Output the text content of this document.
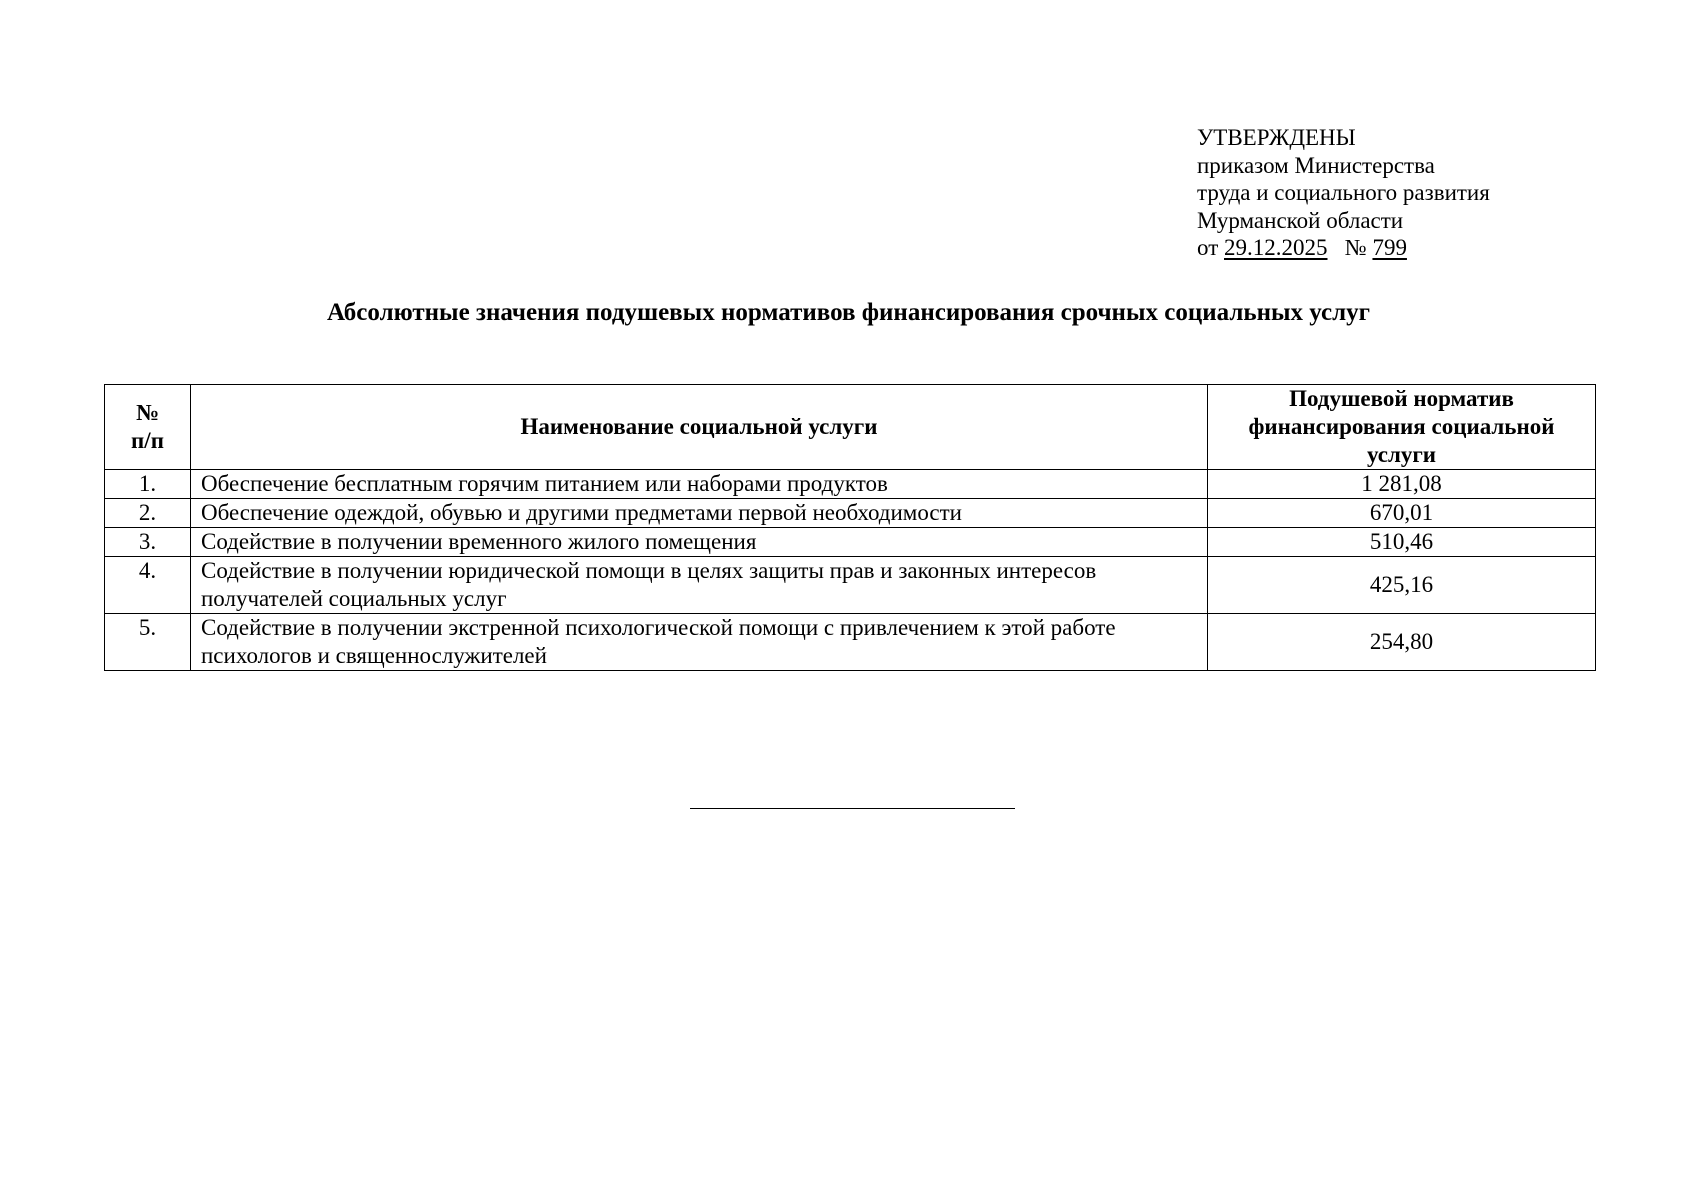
УТВЕРЖДЕНЫ
приказом Министерства
труда и социального развития
Мурманской области
от 29.12.2025 № 799
Абсолютные значения подушевых нормативов финансирования срочных социальных услуг
№
п/п	Наименование социальной услуги	Подушевой норматив финансирования социальной услуги
1.	Обеспечение бесплатным горячим питанием или наборами продуктов	1 281,08
2.	Обеспечение одеждой, обувью и другими предметами первой необходимости	670,01
3.	Содействие в получении временного жилого помещения	510,46
4.	Содействие в получении юридической помощи в целях защиты прав и законных интересов получателей социальных услуг	425,16
5.	Содействие в получении экстренной психологической помощи с привлечением к этой работе психологов и священнослужителей	254,80
